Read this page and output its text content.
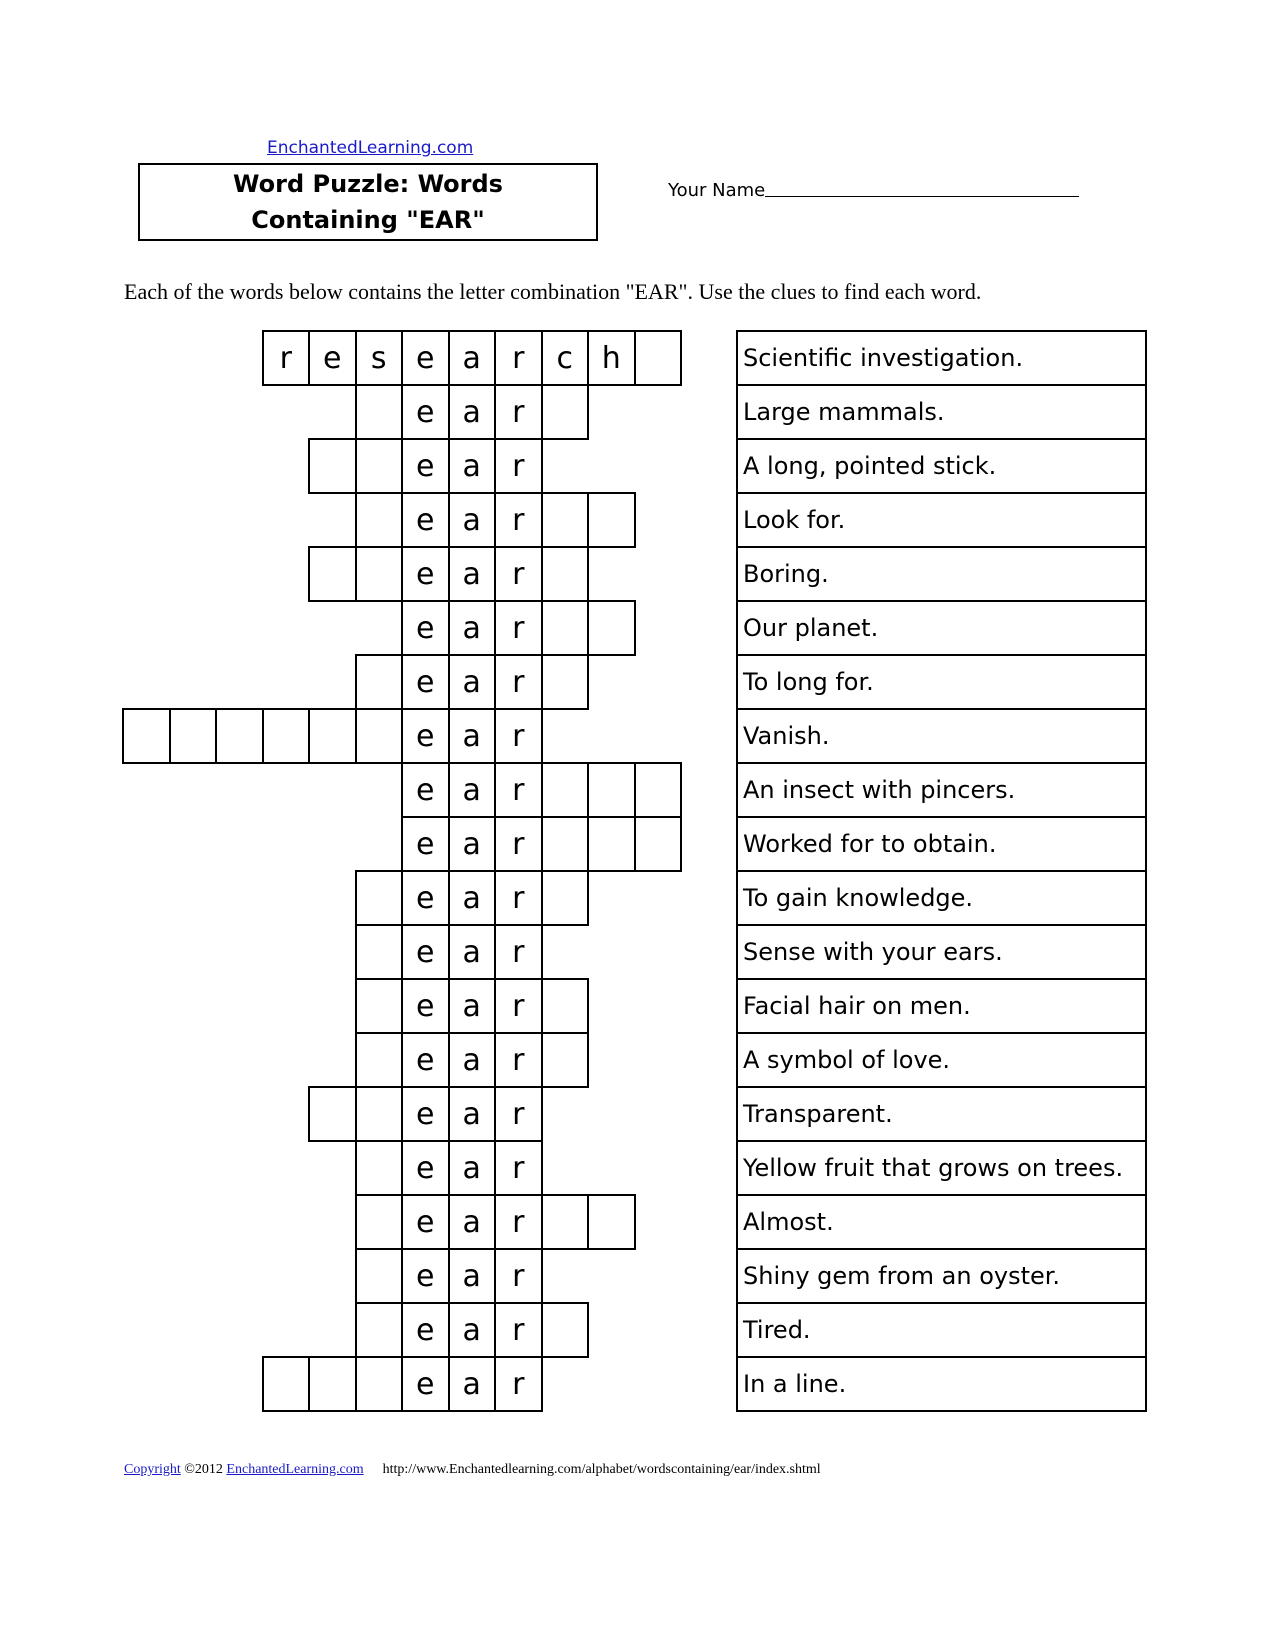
EnchantedLearning.com
Word Puzzle: Words Containing "EAR"
Your Name
Each of the words below contains the letter combination "EAR". Use the clues to find each word.
r	e s e a	r	c h	Scientific investigation.
e a	r	Large mammals.
e a	r	A long, pointed stick.
e a	r	Look for.
e a	r	Boring.
e a	r	Our planet.
e a	r	To long for.
e a	r	Vanish.
e a	r	An insect with pincers.
e a	r	Worked for to obtain.
e a	r	To gain knowledge.
e a	r	Sense with your ears.
e a	r	Facial hair on men.
e a	r	A symbol of love.
e a	r	Transparent.
e a	r	Yellow fruit that grows on trees.
e a	r	Almost.
e a	r	Shiny gem from an oyster.
e a	r	Tired.
e a	r	In a line.
Copyright ©2012 EnchantedLearning.com http://www.Enchantedlearning.com/alphabet/wordscontaining/ear/index.shtml
